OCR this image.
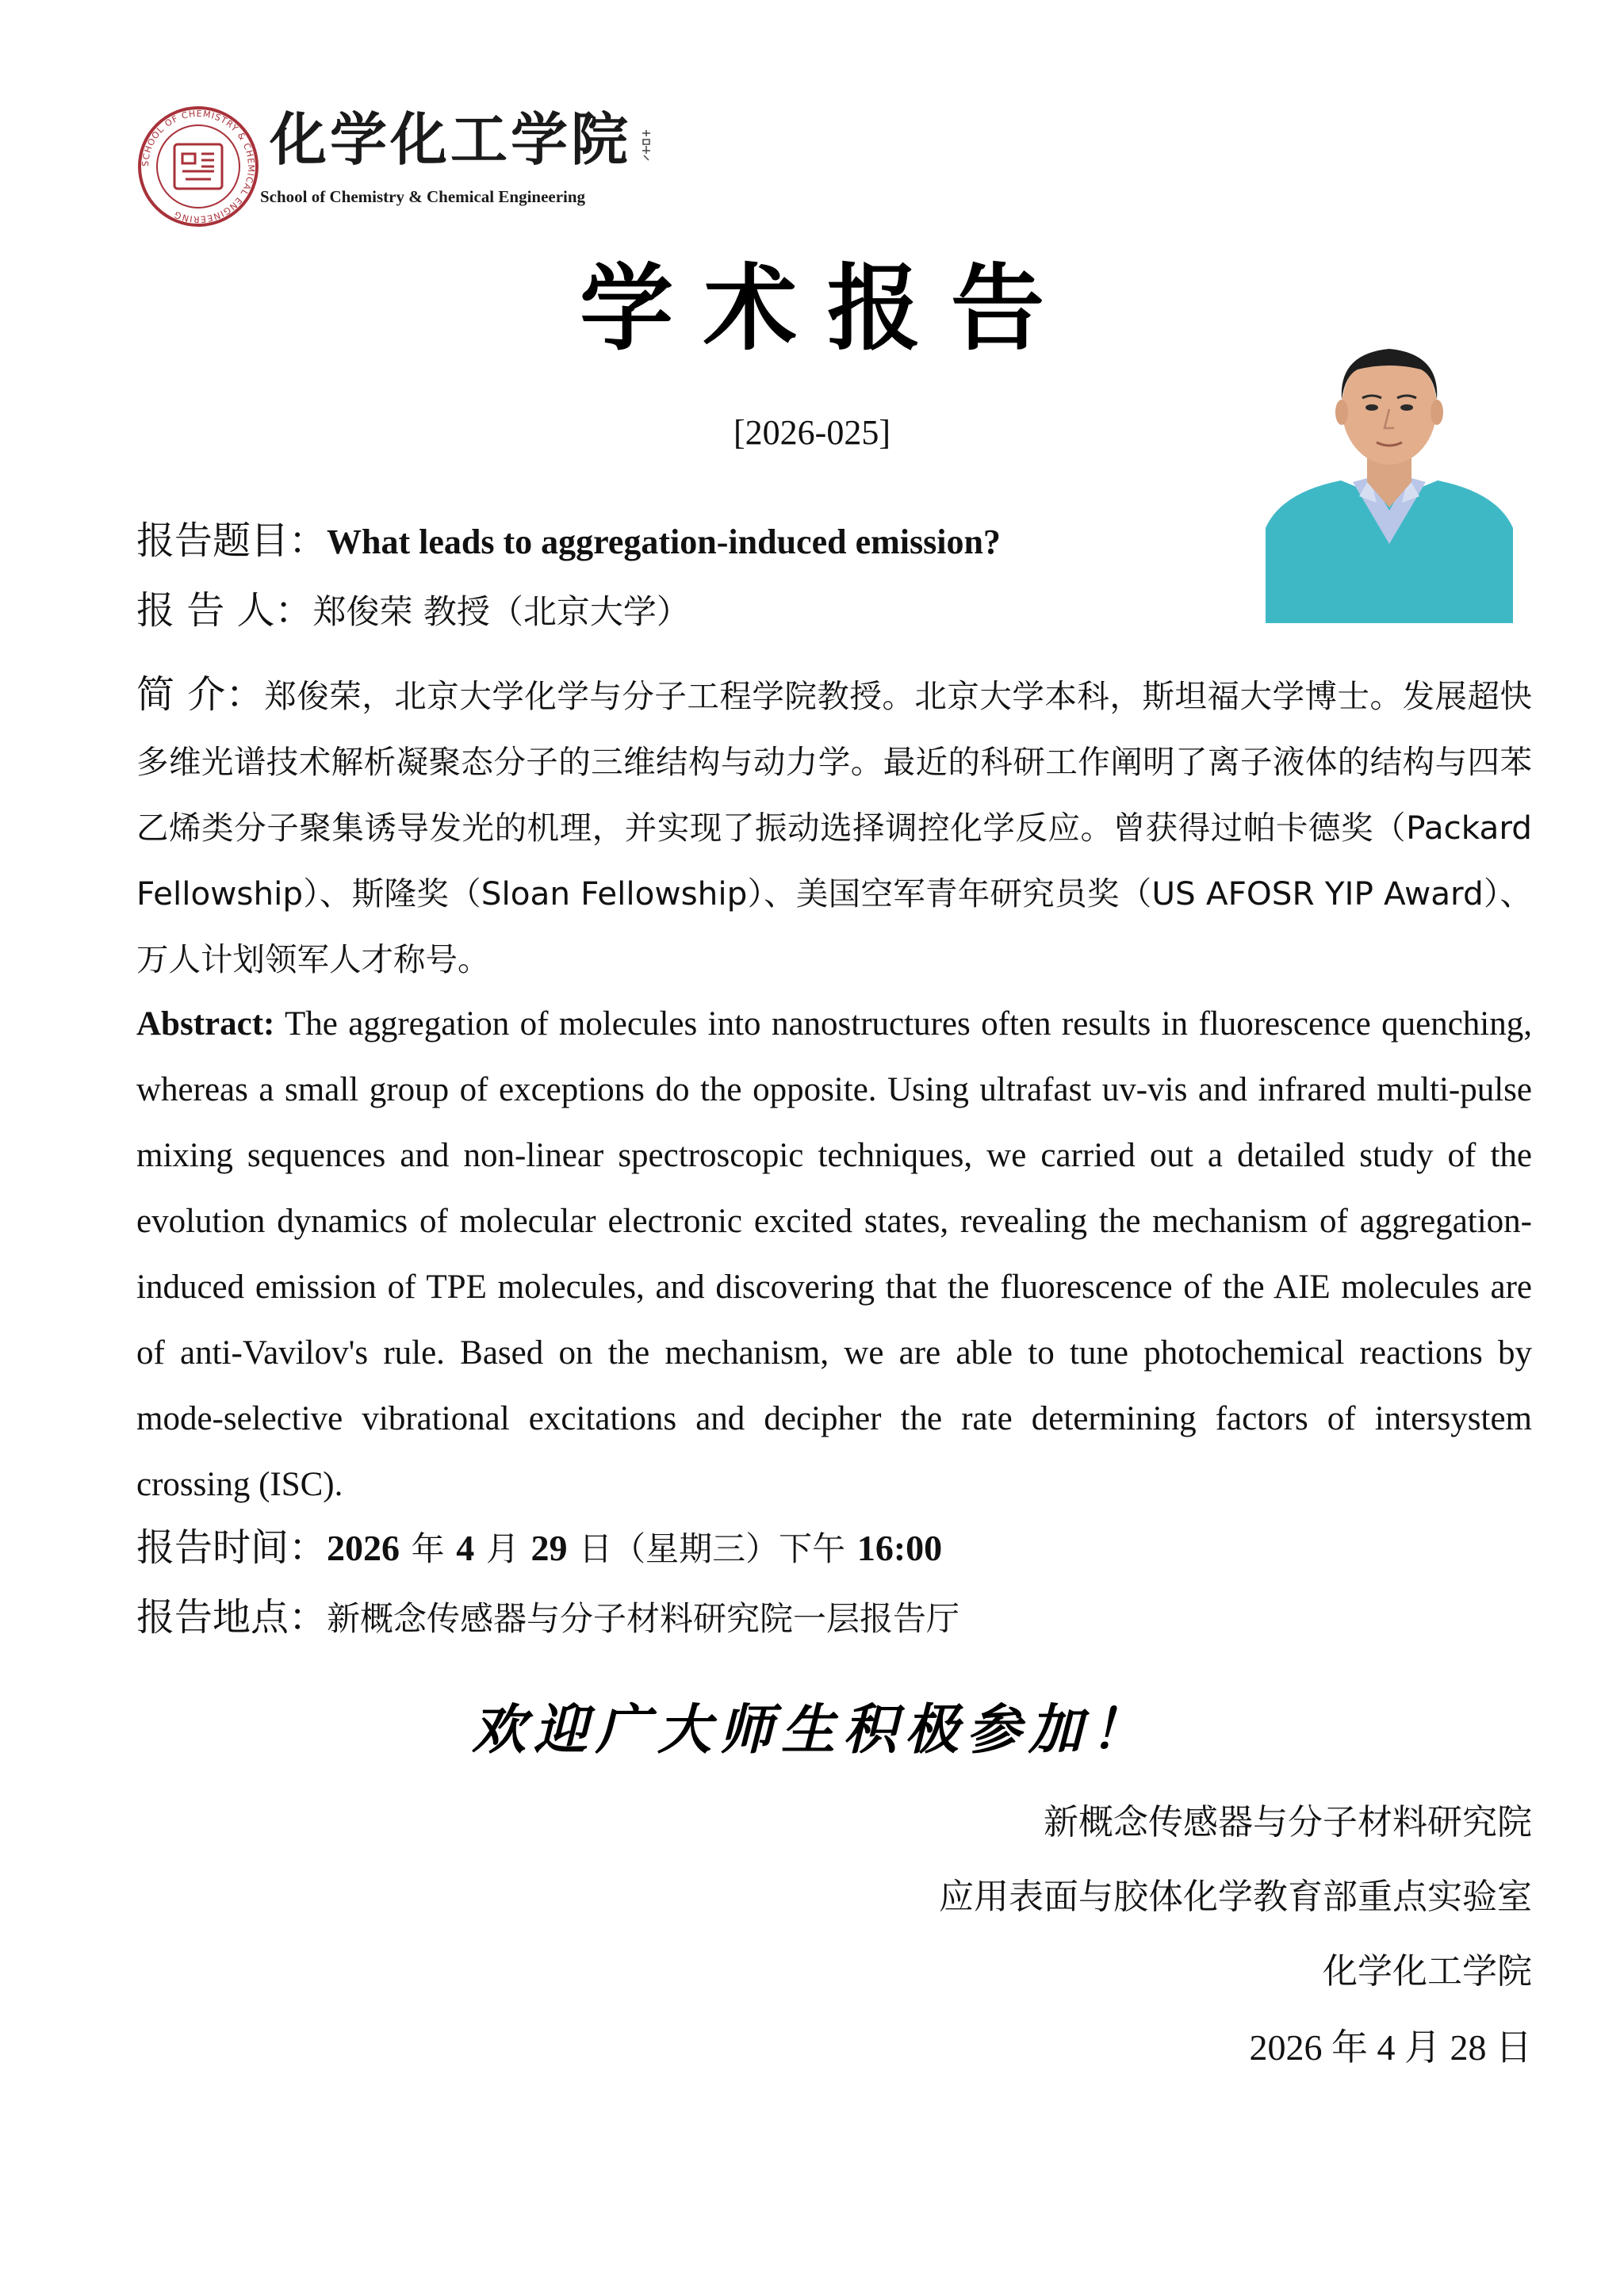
SCHOOL OF CHEMISTRY & CHEMICAL ENGINEERING
化学化工学院
School of Chemistry & Chemical Engineering
学术报告
[2026-025]
报告题目：What leads to aggregation-induced emission?
报 告 人：郑俊荣 教授（北京大学）
简 介：郑俊荣，北京大学化学与分子工程学院教授。北京大学本科，斯坦福大学博士。发展超快多维光谱技术解析凝聚态分子的三维结构与动力学。最近的科研工作阐明了离子液体的结构与四苯乙烯类分子聚集诱导发光的机理，并实现了振动选择调控化学反应。曾获得过帕卡德奖（Packard Fellowship）、斯隆奖（Sloan Fellowship）、美国空军青年研究员奖（US AFOSR YIP Award）、万人计划领军人才称号。
Abstract: The aggregation of molecules into nanostructures often results in fluorescence quenching, whereas a small group of exceptions do the opposite. Using ultrafast uv-vis and infrared multi-pulse mixing sequences and non-linear spectroscopic techniques, we carried out a detailed study of the evolution dynamics of molecular electronic excited states, revealing the mechanism of aggregation-induced emission of TPE molecules, and discovering that the fluorescence of the AIE molecules are of anti-Vavilov's rule. Based on the mechanism, we are able to tune photochemical reactions by mode-selective vibrational excitations and decipher the rate determining factors of intersystem crossing (ISC).
报告时间：2026 年 4 月 29 日（星期三）下午 16:00
报告地点：新概念传感器与分子材料研究院一层报告厅
欢迎广大师生积极参加！
新概念传感器与分子材料研究院
应用表面与胶体化学教育部重点实验室
化学化工学院
2026 年 4 月 28 日
